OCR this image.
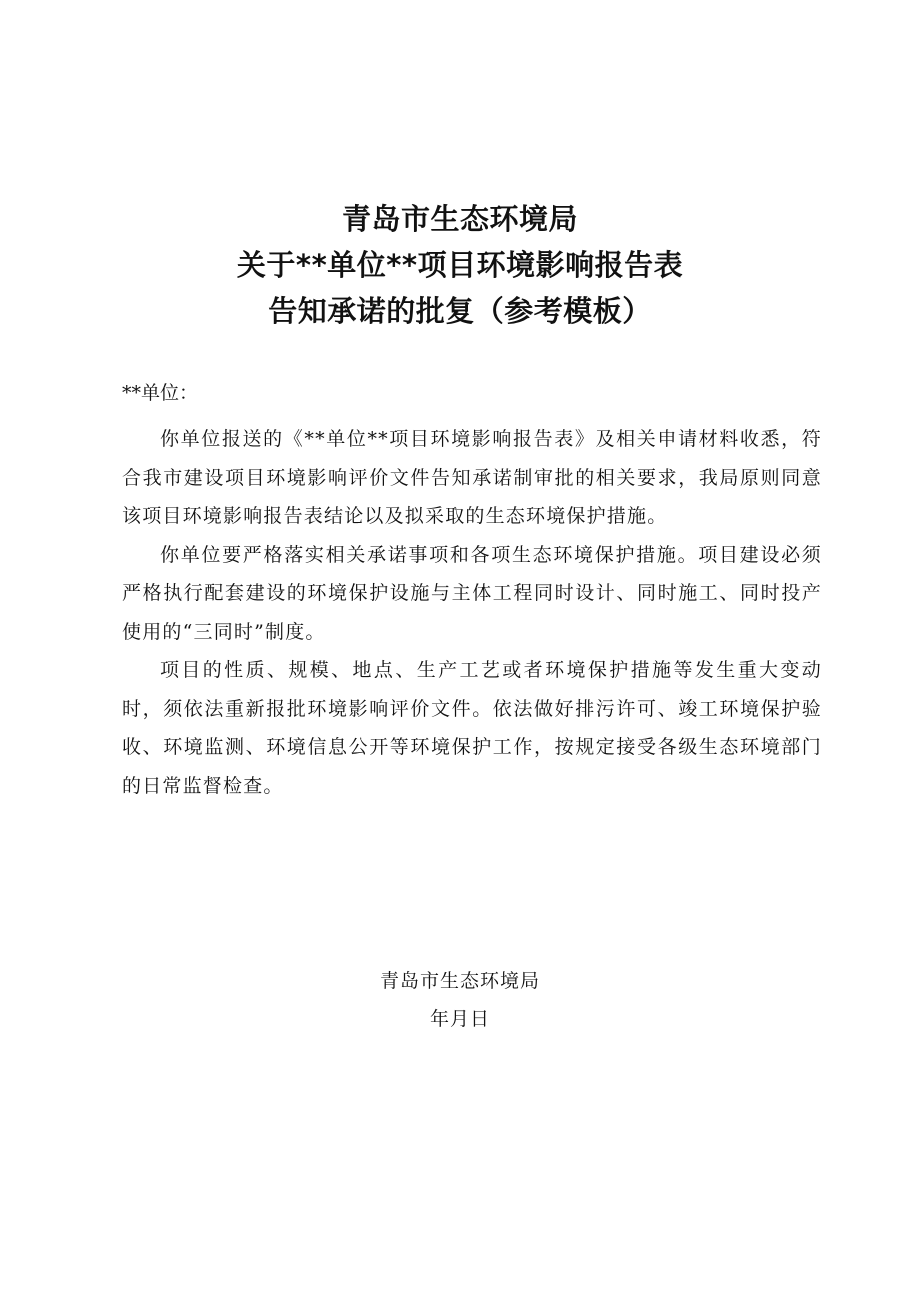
青岛市生态环境局
关于**单位**项目环境影响报告表
告知承诺的批复（参考模板）
**单位：

你单位报送的《**单位**项目环境影响报告表》及相关申请材料收悉，符合我市建设项目环境影响评价文件告知承诺制审批的相关要求，我局原则同意该项目环境影响报告表结论以及拟采取的生态环境保护措施。

你单位要严格落实相关承诺事项和各项生态环境保护措施。项目建设必须严格执行配套建设的环境保护设施与主体工程同时设计、同时施工、同时投产使用的“三同时”制度。

项目的性质、规模、地点、生产工艺或者环境保护措施等发生重大变动时，须依法重新报批环境影响评价文件。依法做好排污许可、竣工环境保护验收、环境监测、环境信息公开等环境保护工作，按规定接受各级生态环境部门的日常监督检查。

青岛市生态环境局
年月日
